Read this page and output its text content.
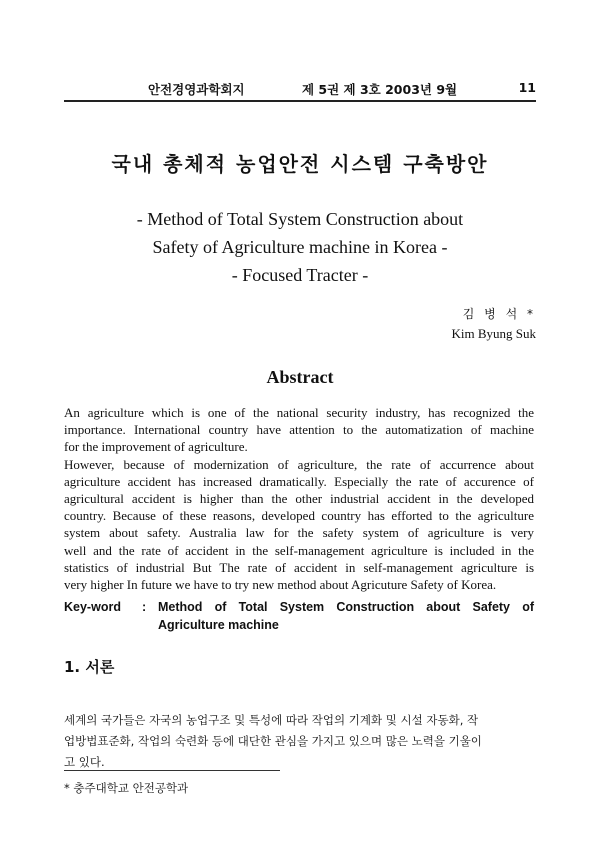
안전경영과학회지	제 5권 제 3호 2003년 9월	11
국내 총체적 농업안전 시스템 구축방안
- Method of Total System Construction about
Safety of Agriculture machine in Korea -
- Focused Tracter -
김 병 석 *
Kim Byung Suk
Abstract
An agriculture which is one of the national security industry, has recognized the
importance. International country have attention to the automatization of machine
for the improvement of agriculture.
However, because of modernization of agriculture, the rate of accurrence about
agriculture accident has increased dramatically. Especially the rate of accurence of
agricultural accident is higher than the other industrial accident in the developed
country. Because of these reasons, developed country has efforted to the agriculture
system about safety. Australia law for the safety system of agriculture is very
well and the rate of accident in the self-management agriculture is included in the
statistics of industrial But The rate of accident in self-management agriculture is
very higher In future we have to try new method about Agricuture Safety of Korea.
Key-word : Method of Total System Construction about Safety of
Agriculture machine
1. 서론
세계의 국가들은 자국의 농업구조 및 특성에 따라 작업의 기계화 및 시설 자동화, 작
업방법표준화, 작업의 숙련화 등에 대단한 관심을 가지고 있으며 많은 노력을 기울이
고 있다.
* 충주대학교 안전공학과
